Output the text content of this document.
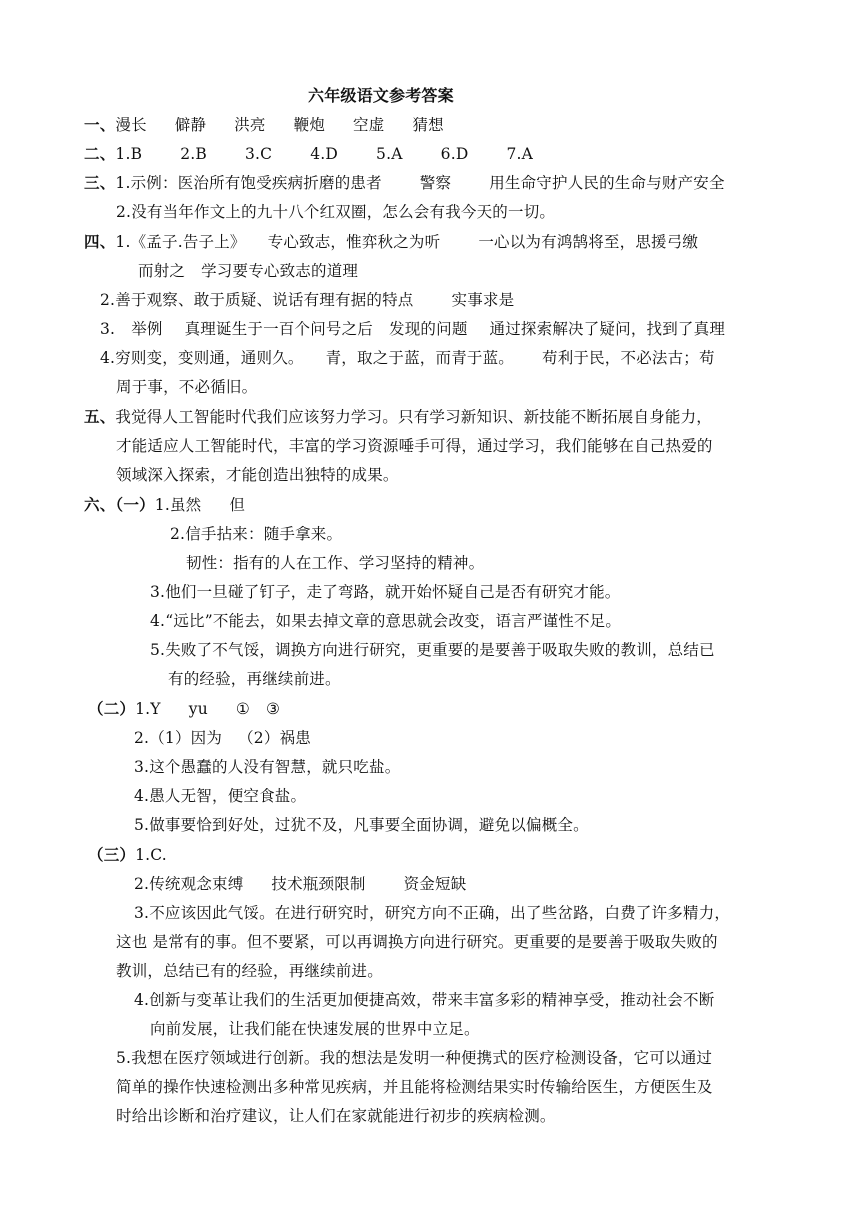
六年级语文参考答案
一、漫长 僻静 洪亮 鞭炮 空虚 猜想
二、1.B 2.B 3.C 4.D 5.A 6.D 7.A
三、1.示例：医治所有饱受疾病折磨的患者 警察 用生命守护人民的生命与财产安全
2.没有当年作文上的九十八个红双圈，怎么会有我今天的一切。
四、1.《孟子.告子上》 专心致志，惟弈秋之为听 一心以为有鸿鹄将至，思援弓缴
而射之 学习要专心致志的道理
2.善于观察、敢于质疑、说话有理有据的特点 实事求是
3. 举例 真理诞生于一百个问号之后 发现的问题 通过探索解决了疑问，找到了真理
4.穷则变，变则通，通则久。 青，取之于蓝，而青于蓝。 苟利于民，不必法古；苟
周于事，不必循旧。
五、我觉得人工智能时代我们应该努力学习。只有学习新知识、新技能不断拓展自身能力，
才能适应人工智能时代，丰富的学习资源唾手可得，通过学习，我们能够在自己热爱的
领域深入探索，才能创造出独特的成果。
六、（一）1.虽然 但
2.信手拈来：随手拿来。
韧性：指有的人在工作、学习坚持的精神。
3.他们一旦碰了钉子，走了弯路，就开始怀疑自己是否有研究才能。
4.“远比”不能去，如果去掉文章的意思就会改变，语言严谨性不足。
5.失败了不气馁，调换方向进行研究，更重要的是要善于吸取失败的教训，总结已
有的经验，再继续前进。
（二）1.Y yu ① ③
2.（1）因为 （2）祸患
3.这个愚蠢的人没有智慧，就只吃盐。
4.愚人无智，便空食盐。
5.做事要恰到好处，过犹不及，凡事要全面协调，避免以偏概全。
（三）1.C.
2.传统观念束缚 技术瓶颈限制 资金短缺
3.不应该因此气馁。在进行研究时，研究方向不正确，出了些岔路，白费了许多精力，
这也 是常有的事。但不要紧，可以再调换方向进行研究。更重要的是要善于吸取失败的
教训，总结已有的经验，再继续前进。
4.创新与变革让我们的生活更加便捷高效，带来丰富多彩的精神享受，推动社会不断
向前发展，让我们能在快速发展的世界中立足。
5.我想在医疗领域进行创新。我的想法是发明一种便携式的医疗检测设备，它可以通过
简单的操作快速检测出多种常见疾病，并且能将检测结果实时传输给医生，方便医生及
时给出诊断和治疗建议，让人们在家就能进行初步的疾病检测。
